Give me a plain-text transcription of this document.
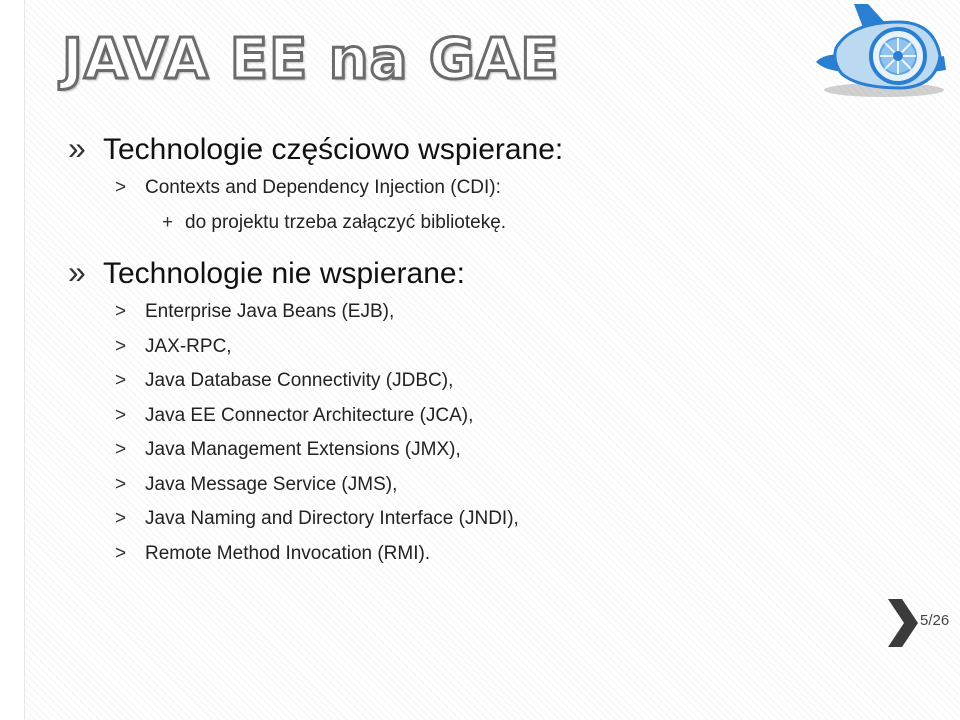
JAVA EE na GAE
» Technologie częściowo wspierane:
> Contexts and Dependency Injection (CDI):
+ do projektu trzeba załączyć bibliotekę.
» Technologie nie wspierane:
> Enterprise Java Beans (EJB),
> JAX-RPC,
> Java Database Connectivity (JDBC),
> Java EE Connector Architecture (JCA),
> Java Management Extensions (JMX),
> Java Message Service (JMS),
> Java Naming and Directory Interface (JNDI),
> Remote Method Invocation (RMI).
5 / 26
